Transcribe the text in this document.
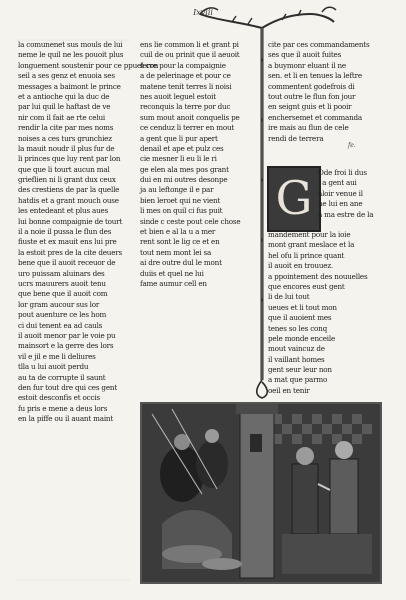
Ixviii
la comunenet sus mouls de lui
neme le quil ne les pouoit plus
longuement soustenir pour ce ppuet con
seil a ses genz et enuoia ses
messages a baimont le prince
et a antioche qui la duc de
par lui quil le haftast de ve
nir com il fait ae rte celui
rendir la cite par mes noms
noises a ces turs grunchiez
la mauit noudr il plus fur de
li princes que luy rent par lon
que que li tourt aucun mal
grieflien ni li grant dux ceux
des crestiens de par la quelle
hatdis et a grant mouch ouse
les entedeant et plus aues
lui bonne compaignie de tourt
il a noie il pussa le flun des
fiuste et ex mauit ens lui pre
la estoit pres de la cite deuers
bene que il auoit receuor de
uro puissam aluinars des
ucrs mauurers auoit tenu
que bene que il auoit com
lor gram aucour sus lor
pout auenture ce les hom
ci dui tenent ea ad cauls
il auoit menor par le voie pu
mainsort e la gerre des lors
vil e jil e me li deliures
tlla u lui auoit perdu
au ta de corrupte il saunt
den fur tout dre qui ces gent
estoit desconfis et occis
fu pris e mene a deus lors
en la piffe ou il auant maint
ens lie common li et grant pi
cuil de ou prinit que il aeuoit
ferre pour la compaignie
a de pelerinage et pour ce
matene tenit terres li noisi
nes auoit leguel estoit
reconquis la terre por duc
sum mout anoit conquelis pe
ce cenduz li terrer en mout
a gent que li pur apert
denail et ape et pulz ces
cie mesner li eu li le ri
ge elen ala mes pos grant
dui en mi outres desonpe
ja au leftonge il e par
bien leroet qui ne vient
li mes on quil ci fus puit
sinde c ceste pout cele chose
et bien e al la u a mer
rent sont le lig ce et en
tout nem mont lei sa
ai dre outre dul le mont
duiis et quel ne lui
fame aumur cell en
cite par ces commandaments
ses que il auoit fuites
a buymonr eluant il ne
sen. et li en tenues la leftre
commentent godefrois di
tout outre le flun fon jour
en seignt guis et li pooir
enchersemet et commanda
ire mais au flun de cele
rendi de terrera
fe.
G Ode froi li dus
i a gent aui
aloir venue il
ne lui en ane
a ma estre de la
mandement pour la ioie
mont grant meslace et la
hel ofu li prince quant
il auoit en trouuez.
a ppointement des nouuelles
que encores eust gent
li de lui tout
ueues et li tout mon
que il auoient mes
tenes so les conq
pele monde enceile
mout vaincuz de
il vaillant homes
gent seur leur non
a mat que parmo
oeil en tenir
